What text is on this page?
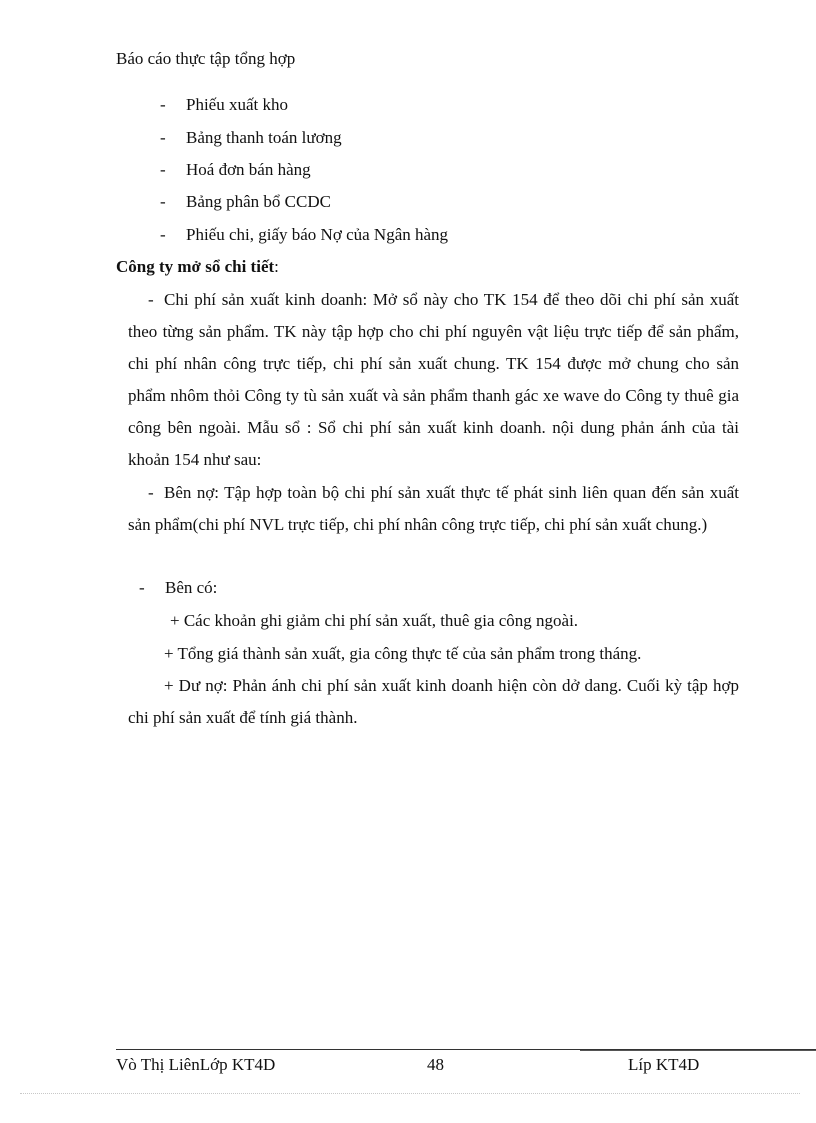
Báo cáo thực tập tổng hợp
- Phiếu xuất kho
- Bảng thanh toán lương
- Hoá đơn bán hàng
- Bảng phân bổ CCDC
- Phiếu chi, giấy báo Nợ của Ngân hàng
Công ty mở sổ chi tiết:

- Chi phí sản xuất kinh doanh: Mở sổ này cho TK 154 để theo dõi chi phí sản xuất theo từng sản phẩm. TK này tập hợp cho chi phí nguyên vật liệu trực tiếp để sản phẩm, chi phí nhân công trực tiếp, chi phí sản xuất chung. TK 154 được mở chung cho sản phẩm nhôm thỏi Công ty tù sản xuất và sản phẩm thanh gác xe wave do Công ty thuê gia công bên ngoài. Mẫu sổ : Sổ chi phí sản xuất kinh doanh. nội dung phản ánh của tài khoản 154 như sau:

- Bên nợ: Tập hợp toàn bộ chi phí sản xuất thực tế phát sinh liên quan đến sản xuất sản phẩm(chi phí NVL trực tiếp, chi phí nhân công trực tiếp, chi phí sản xuất chung.)

- Bên có:
+ Các khoản ghi giảm chi phí sản xuất, thuê gia công ngoài.
+ Tổng giá thành sản xuất, gia công thực tế của sản phẩm trong tháng.

+ Dư nợ: Phản ánh chi phí sản xuất kinh doanh hiện còn dở dang. Cuối kỳ tập hợp chi phí sản xuất để tính giá thành.

Vò Thị LiênLớp KT4D	48	Líp KT4D
